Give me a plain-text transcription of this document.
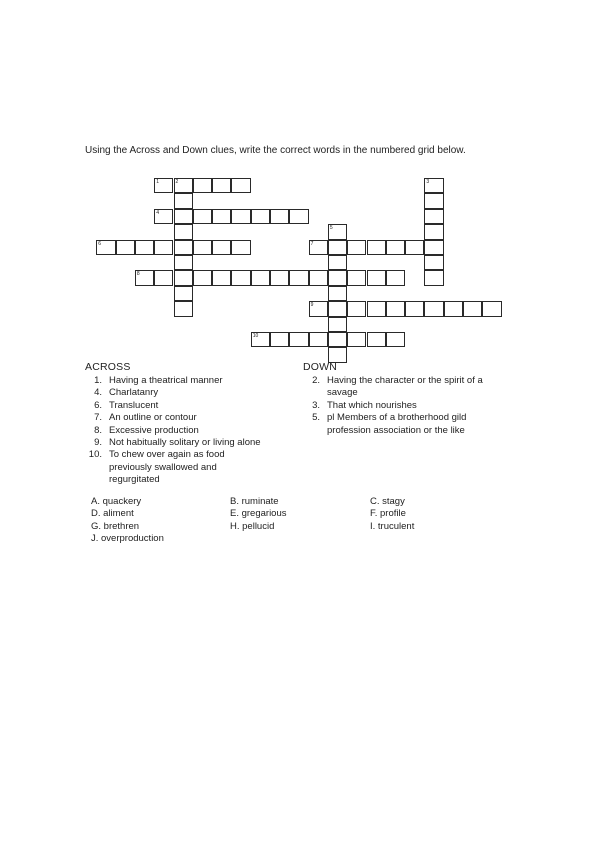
Using the Across and Down clues, write the correct words in the numbered grid below.
1	2	3
4
5
6	7
8
9
10
ACROSS
1. Having a theatrical manner
4. Charlatanry
6. Translucent
7. An outline or contour
8. Excessive production
9. Not habitually solitary or living alone
10. To chew over again as food
previously swallowed and
regurgitated
DOWN
2. Having the character or the spirit of a
savage
3. That which nourishes
5. pl Members of a brotherhood gild
profession association or the like
A. quackery	B. ruminate	C. stagy
D. aliment	E. gregarious	F. profile
G. brethren	H. pellucid	I. truculent
J. overproduction
